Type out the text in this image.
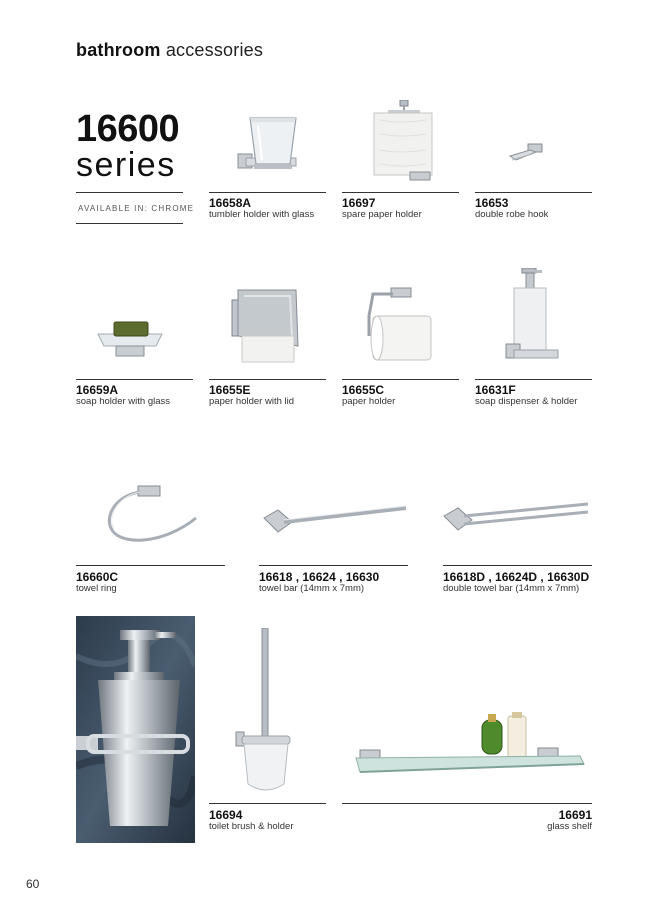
bathroom accessories
16600
series
AVAILABLE IN: CHROME 16658A
tumbler holder with glass
16697
spare paper holder
16653
double robe hook
16659A
soap holder with glass
16655E
paper holder with lid
16655C
paper holder
16631F
soap dispenser & holder
16660C
towel ring
16618 , 16624 , 16630
towel bar (14mm x 7mm)
16618D , 16624D , 16630D
double towel bar (14mm x 7mm)
16694
toilet brush & holder
16691
glass shelf
60
